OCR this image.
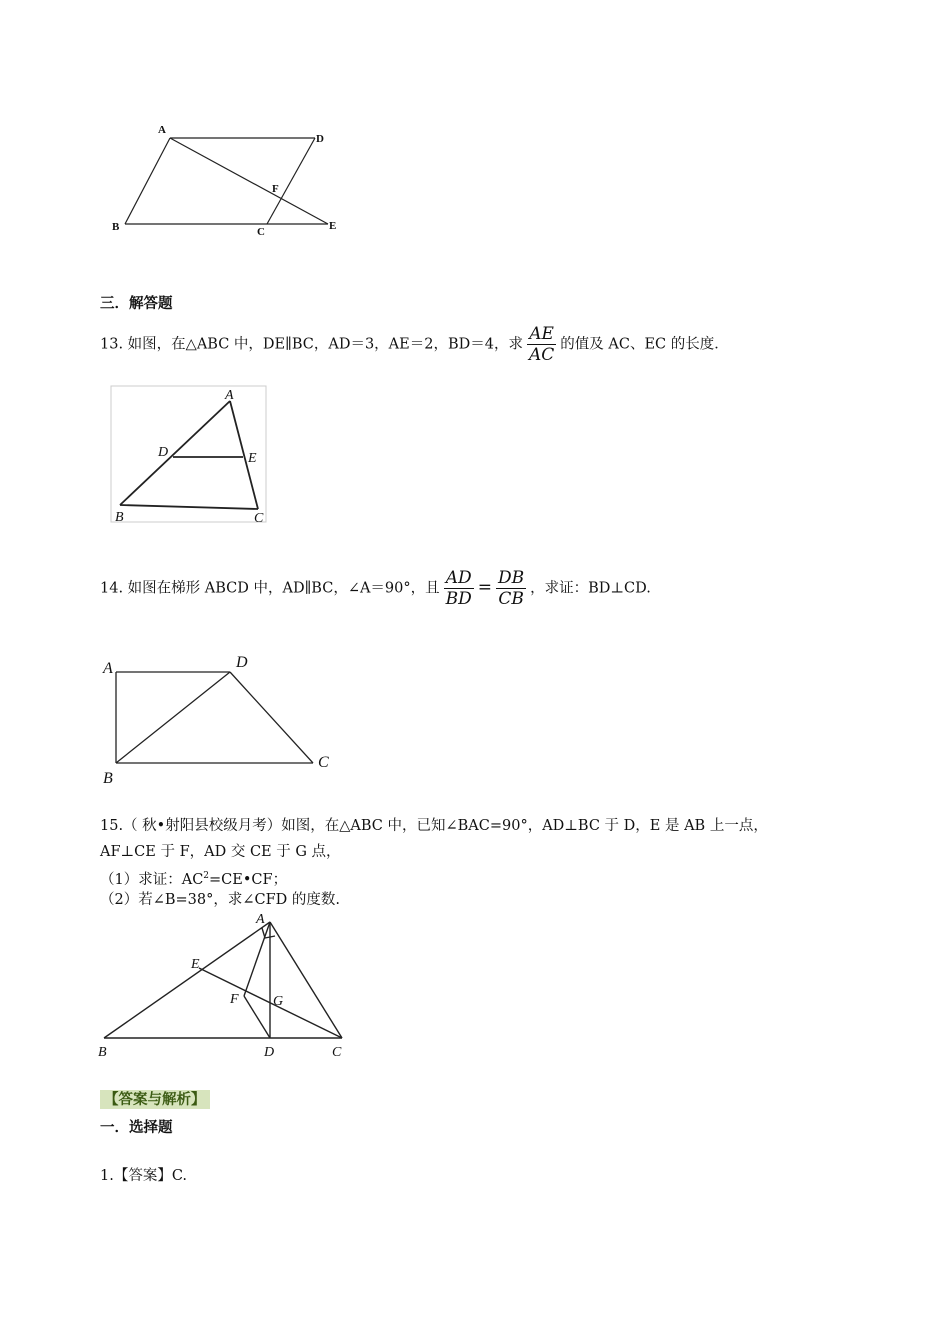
A
D
F
B	C	E
三．解答题
13. 如图，在△ABC 中，DE∥BC，AD＝3，AE＝2，BD＝4，求 $\frac{AE}{AC}$ 的值及 AC、EC 的长度．
A
D	E
B	C
14. 如图在梯形 ABCD 中，AD∥BC，∠A＝90°，且 $\frac{AD}{BD} = \frac{DB}{CB}$ ，求证：BD⊥CD.
A	D
B
C
15.（ 秋•射阳县校级月考）如图，在△ABC 中，已知∠BAC=90°，AD⊥BC 于 D，E 是 AB 上一点，
AF⊥CE 于 F，AD 交 CE 于 G 点，
（1）求证：$AC^2=CE•CF$；
（2）若∠B=38°，求∠CFD 的度数.
A
E
F G
B	D	C
【答案与解析】
一．选择题
1.【答案】C.
